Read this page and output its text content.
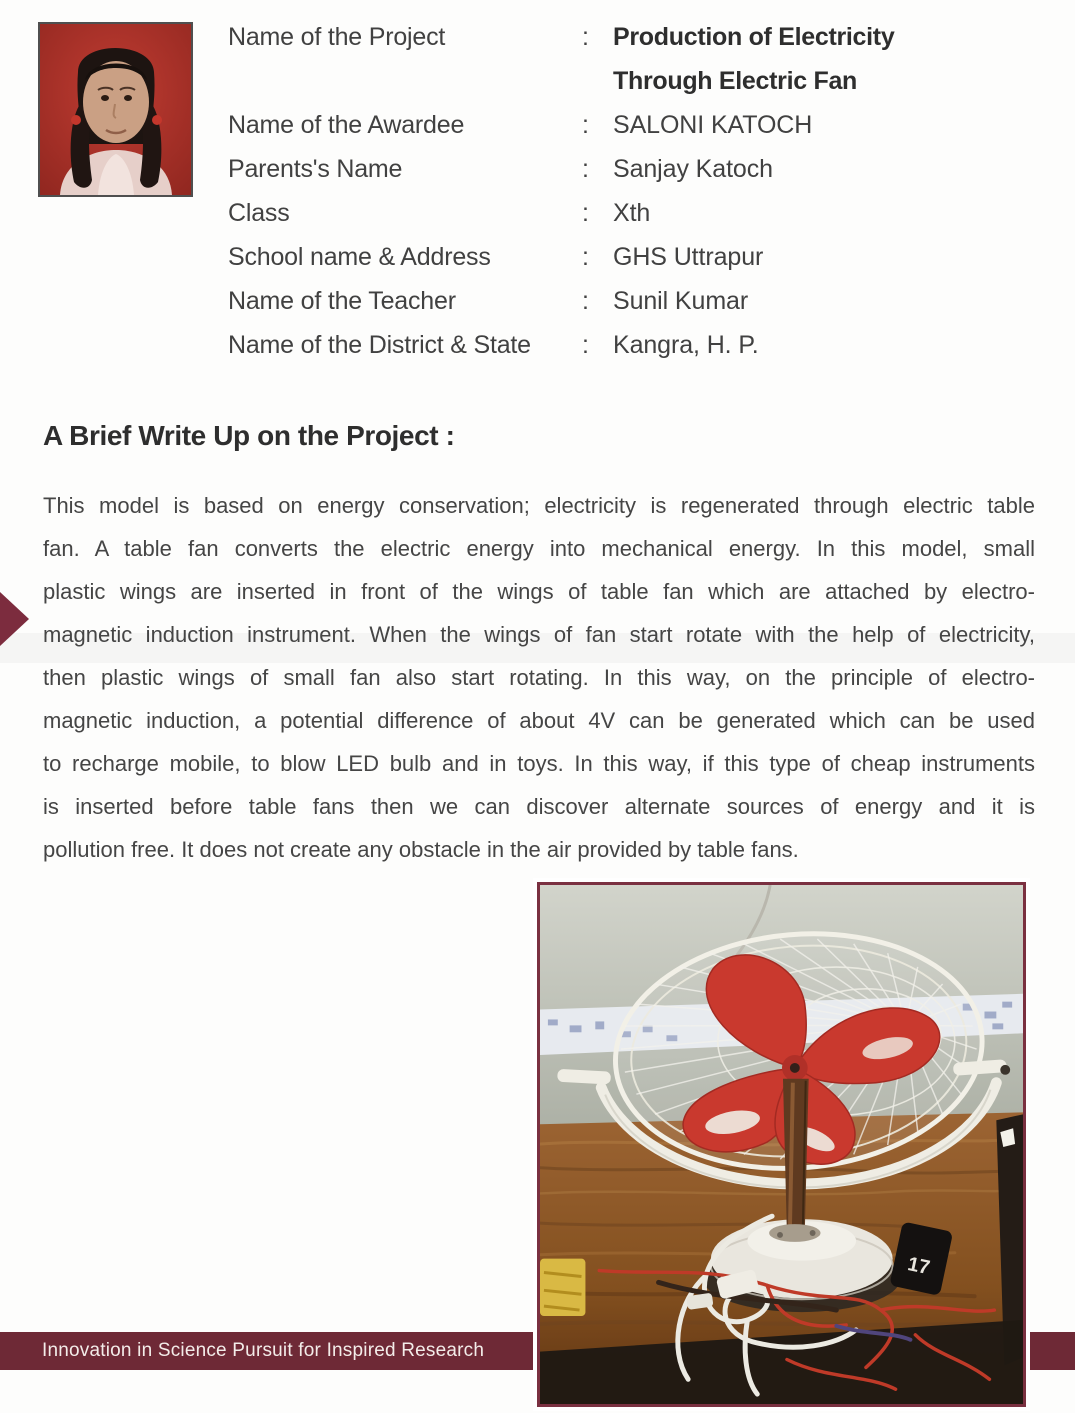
Name of the Project	: Production of Electricity
Through Electric Fan
Name of the Awardee	: SALONI KATOCH
Parents's Name	: Sanjay Katoch
Class	: Xth
School name & Address	: GHS Uttrapur
Name of the Teacher	: Sunil Kumar
Name of the District & State	: Kangra, H. P.
A Brief Write Up on the Project :
This model is based on energy conservation; electricity is regenerated through electric table
fan. A table fan converts the electric energy into mechanical energy. In this model, small
plastic wings are inserted in front of the wings of table fan which are attached by electro-
magnetic induction instrument. When the wings of fan start rotate with the help of electricity,
then plastic wings of small fan also start rotating. In this way, on the principle of electro-
magnetic induction, a potential difference of about 4V can be generated which can be used
to recharge mobile, to blow LED bulb and in toys. In this way, if this type of cheap instruments
is inserted before table fans then we can discover alternate sources of energy and it is
pollution free. It does not create any obstacle in the air provided by table fans.
Innovation in Science Pursuit for Inspired Research
17
